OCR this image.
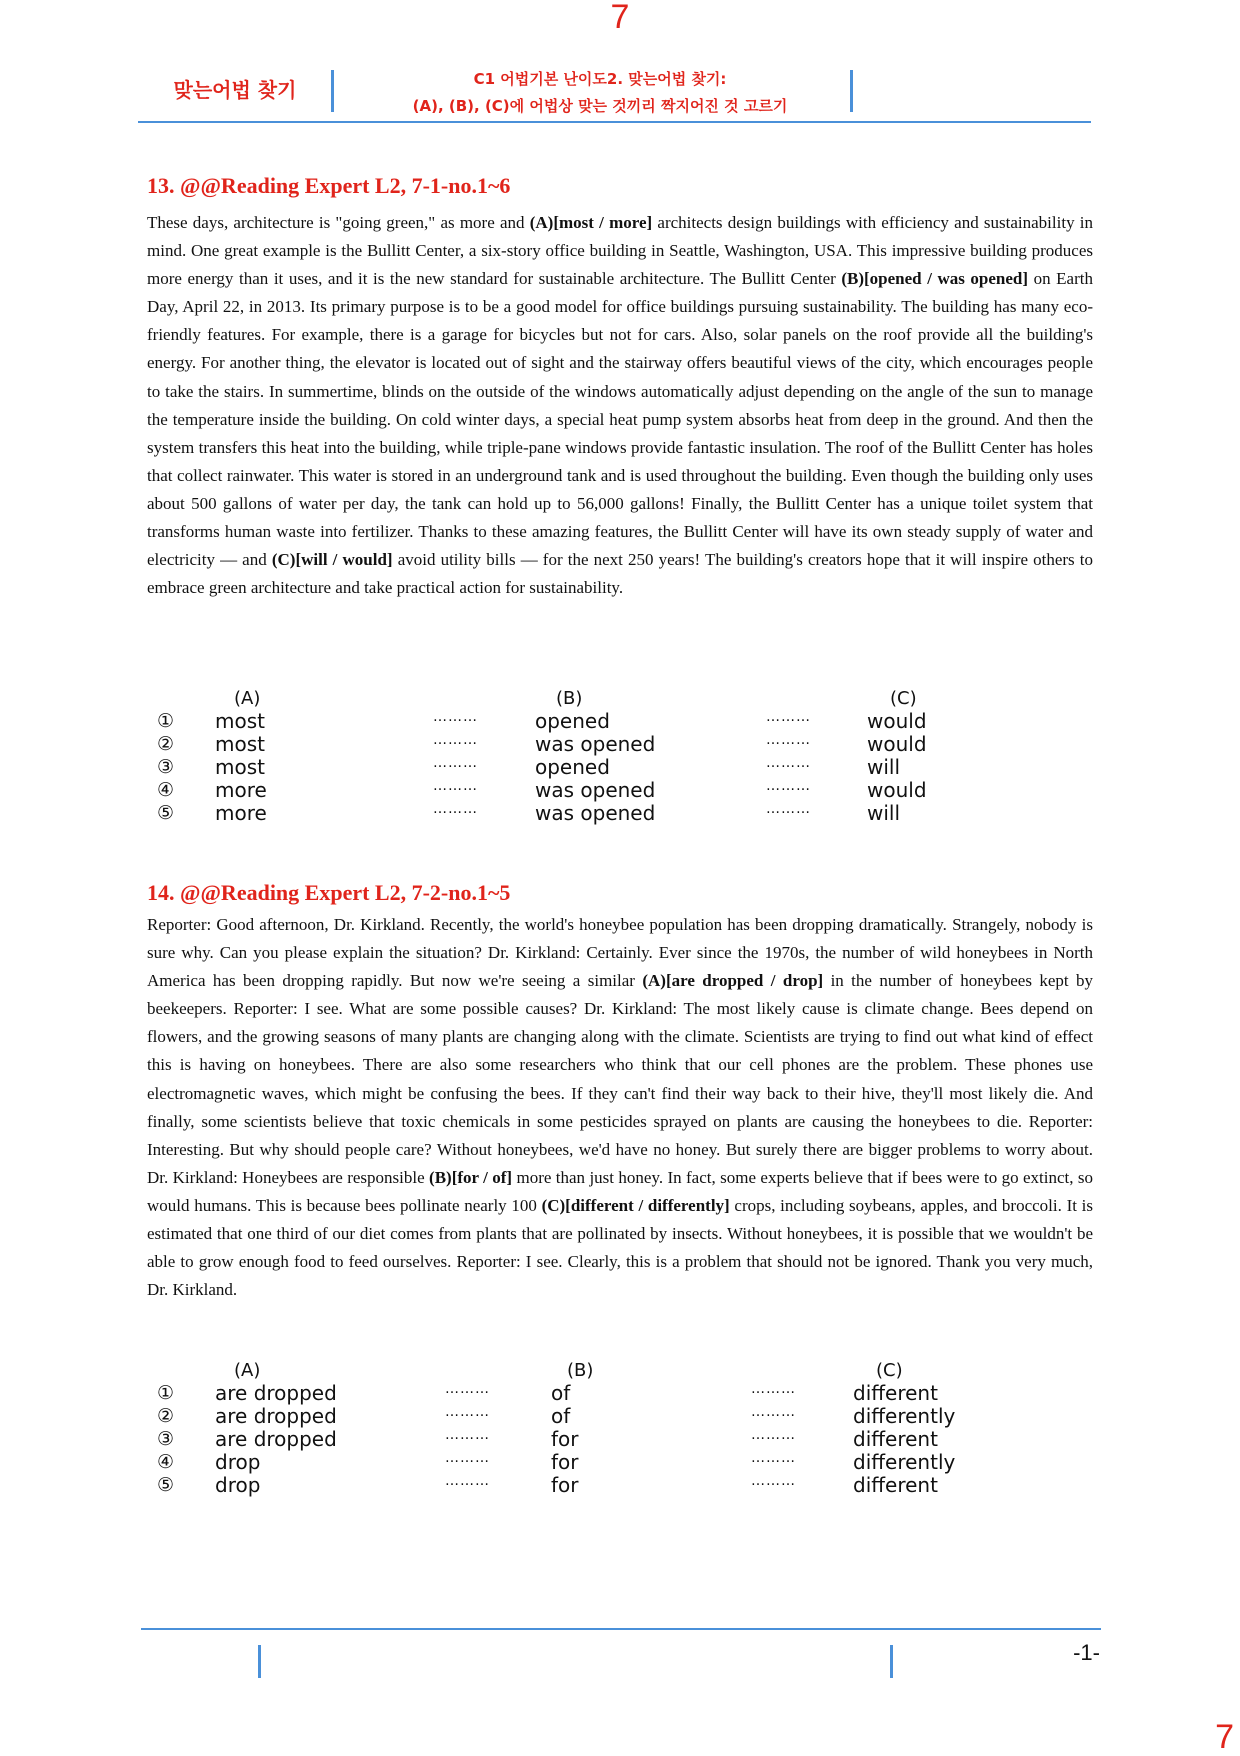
7
맞는어법 찾기	C1 어법기본 난이도2. 맞는어법 찾기:
(A), (B), (C)에 어법상 맞는 것끼리 짝지어진 것 고르기
13. @@Reading Expert L2, 7-1-no.1~6

These days, architecture is "going green," as more and (A)[most / more] architects design buildings with efficiency and sustainability in mind. One great example is the Bullitt Center, a six-story office building in Seattle, Washington, USA. This impressive building produces more energy than it uses, and it is the new standard for sustainable architecture. The Bullitt Center (B)[opened / was opened] on Earth Day, April 22, in 2013. Its primary purpose is to be a good model for office buildings pursuing sustainability. The building has many eco-friendly features. For example, there is a garage for bicycles but not for cars. Also, solar panels on the roof provide all the building's energy. For another thing, the elevator is located out of sight and the stairway offers beautiful views of the city, which encourages people to take the stairs. In summertime, blinds on the outside of the windows automatically adjust depending on the angle of the sun to manage the temperature inside the building. On cold winter days, a special heat pump system absorbs heat from deep in the ground. And then the system transfers this heat into the building, while triple-pane windows provide fantastic insulation. The roof of the Bullitt Center has holes that collect rainwater. This water is stored in an underground tank and is used throughout the building. Even though the building only uses about 500 gallons of water per day, the tank can hold up to 56,000 gallons! Finally, the Bullitt Center has a unique toilet system that transforms human waste into fertilizer. Thanks to these amazing features, the Bullitt Center will have its own steady supply of water and electricity — and (C)[will / would] avoid utility bills — for the next 250 years! The building's creators hope that it will inspire others to embrace green architecture and take practical action for sustainability.

(A)	(B)	(C)
① most	………	opened	………	would
② most	………	was opened	………	would
③ most	………	opened	………	will
④ more	………	was opened	………	would
⑤ more	………	was opened	………	will
14. @@Reading Expert L2, 7-2-no.1~5

Reporter: Good afternoon, Dr. Kirkland. Recently, the world's honeybee population has been dropping dramatically. Strangely, nobody is sure why. Can you please explain the situation? Dr. Kirkland: Certainly. Ever since the 1970s, the number of wild honeybees in North America has been dropping rapidly. But now we're seeing a similar (A)[are dropped / drop] in the number of honeybees kept by beekeepers. Reporter: I see. What are some possible causes? Dr. Kirkland: The most likely cause is climate change. Bees depend on flowers, and the growing seasons of many plants are changing along with the climate. Scientists are trying to find out what kind of effect this is having on honeybees. There are also some researchers who think that our cell phones are the problem. These phones use electromagnetic waves, which might be confusing the bees. If they can't find their way back to their hive, they'll most likely die. And finally, some scientists believe that toxic chemicals in some pesticides sprayed on plants are causing the honeybees to die. Reporter: Interesting. But why should people care? Without honeybees, we'd have no honey. But surely there are bigger problems to worry about. Dr. Kirkland: Honeybees are responsible (B)[for / of] more than just honey. In fact, some experts believe that if bees were to go extinct, so would humans. This is because bees pollinate nearly 100 (C)[different / differently] crops, including soybeans, apples, and broccoli. It is estimated that one third of our diet comes from plants that are pollinated by insects. Without honeybees, it is possible that we wouldn't be able to grow enough food to feed ourselves. Reporter: I see. Clearly, this is a problem that should not be ignored. Thank you very much, Dr. Kirkland.

(A)	(B)	(C)
① are dropped	………	of	………	different
② are dropped	………	of	………	differently
③ are dropped	………	for	………	different
④ drop	………	for	………	differently
⑤ drop	………	for	………	different
-1-
7
